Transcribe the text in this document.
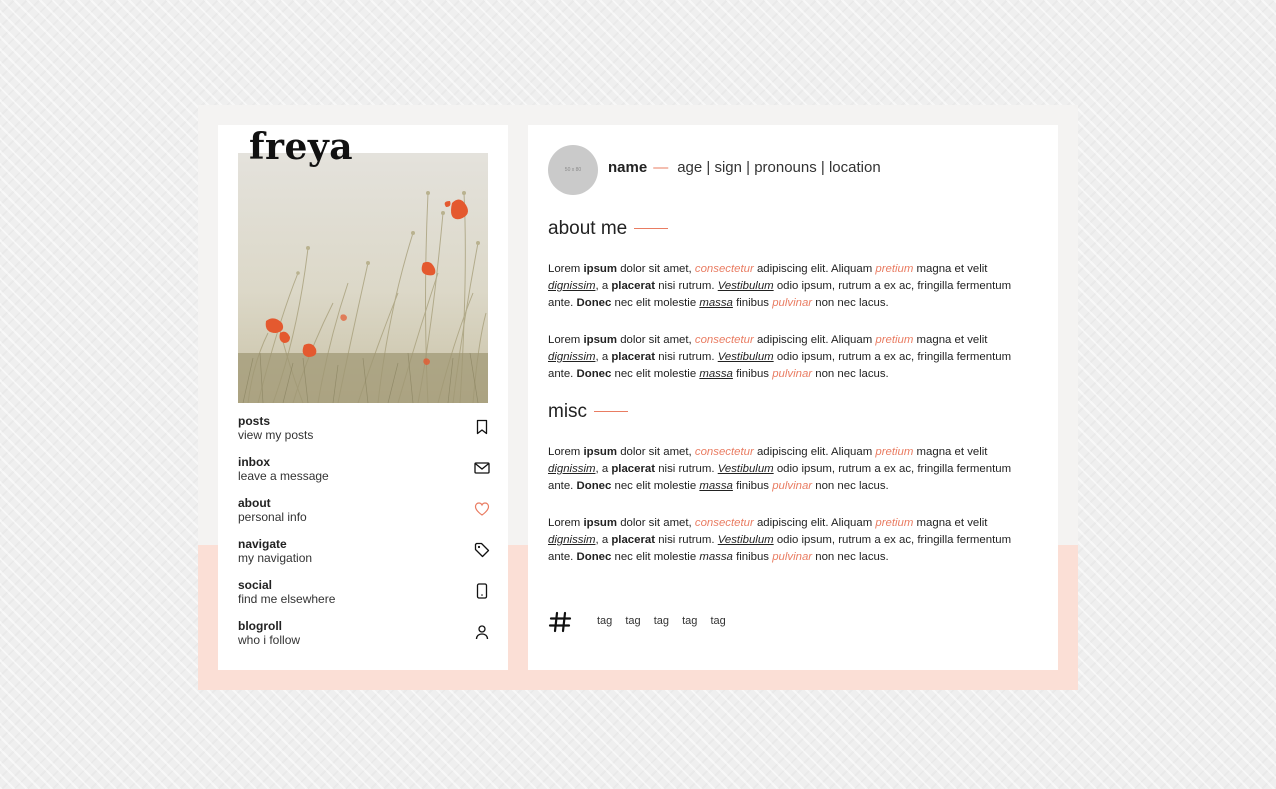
freya
posts
view my posts
inbox
leave a message
about
personal info
navigate
my navigation
social
find me elsewhere
blogroll
who i follow
50 x 80 name — age | sign | pronouns | location
about me

Lorem ipsum dolor sit amet, consectetur adipiscing elit. Aliquam pretium magna et velit dignissim, a placerat nisi rutrum. Vestibulum odio ipsum, rutrum a ex ac, fringilla fermentum ante. Donec nec elit molestie massa finibus pulvinar non nec lacus.

Lorem ipsum dolor sit amet, consectetur adipiscing elit. Aliquam pretium magna et velit dignissim, a placerat nisi rutrum. Vestibulum odio ipsum, rutrum a ex ac, fringilla fermentum ante. Donec nec elit molestie massa finibus pulvinar non nec lacus.

misc

Lorem ipsum dolor sit amet, consectetur adipiscing elit. Aliquam pretium magna et velit dignissim, a placerat nisi rutrum. Vestibulum odio ipsum, rutrum a ex ac, fringilla fermentum ante. Donec nec elit molestie massa finibus pulvinar non nec lacus.

Lorem ipsum dolor sit amet, consectetur adipiscing elit. Aliquam pretium magna et velit dignissim, a placerat nisi rutrum. Vestibulum odio ipsum, rutrum a ex ac, fringilla fermentum ante. Donec nec elit molestie massa finibus pulvinar non nec lacus.

tag tag tag tag tag
